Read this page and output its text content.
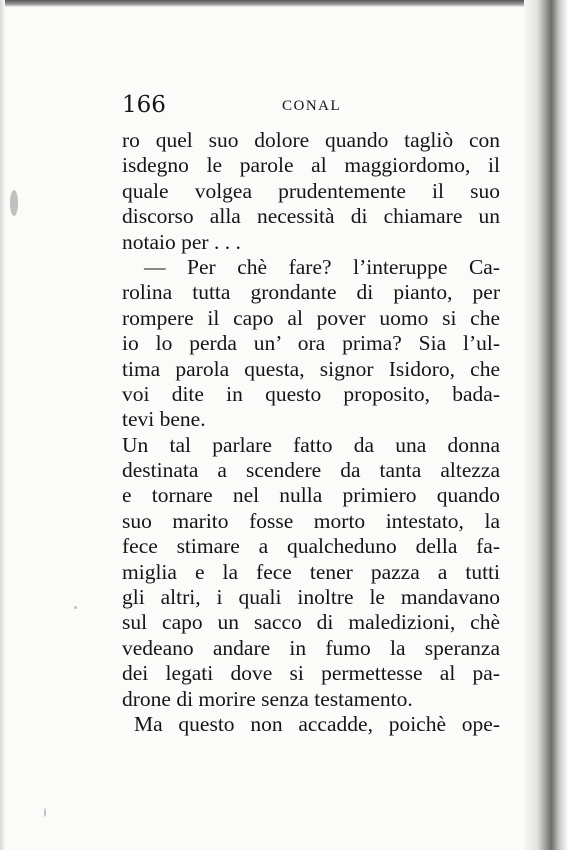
166	CONAL
ro quel suo dolore quando tagliò con
isdegno le parole al maggiordomo, il
quale volgea prudentemente il suo
discorso alla necessità di chiamare un
notaio per . . .
— Per chè fare? l’interuppe Ca-
rolina tutta grondante di pianto, per
rompere il capo al pover uomo si che
io lo perda un’ ora prima? Sia l’ul-
tima parola questa, signor Isidoro, che
voi dite in questo proposito, bada-
tevi bene.
Un tal parlare fatto da una donna
destinata a scendere da tanta altezza
e tornare nel nulla primiero quando
suo marito fosse morto intestato, la
fece stimare a qualcheduno della fa-
miglia e la fece tener pazza a tutti
gli altri, i quali inoltre le mandavano
sul capo un sacco di maledizioni, chè
vedeano andare in fumo la speranza
dei legati dove si permettesse al pa-
drone di morire senza testamento.
Ma questo non accadde, poichè ope-
